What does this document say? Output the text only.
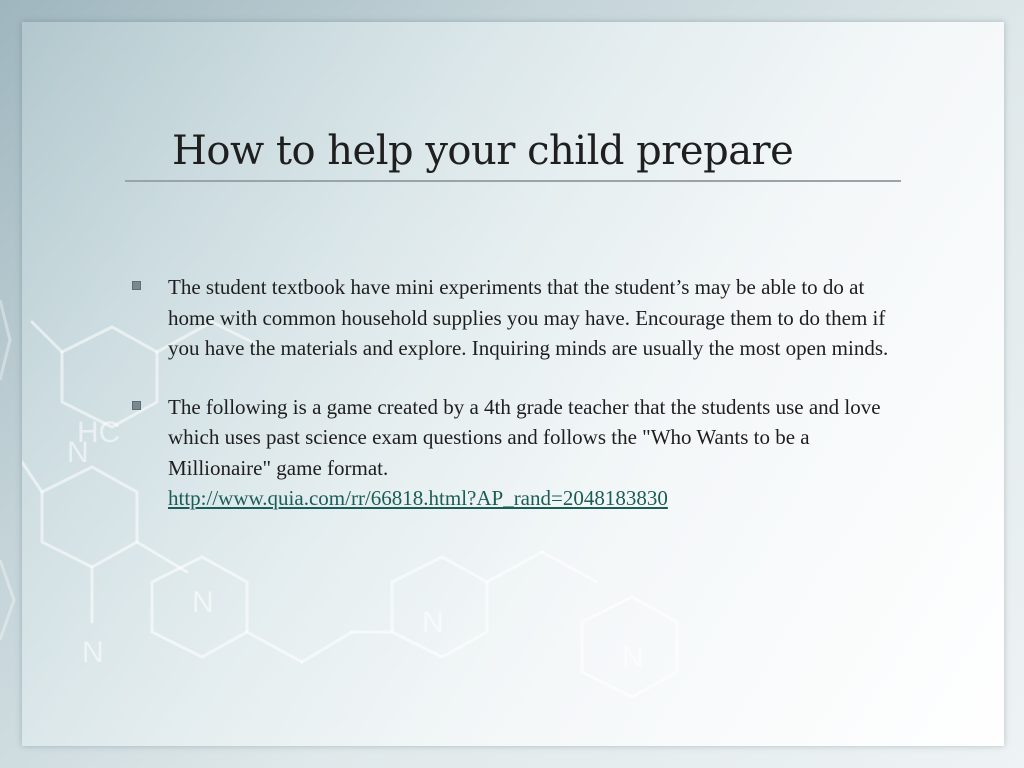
N
HC
N
N
N
N
How to help your child prepare
The student textbook have mini experiments that the student’s may be able to do at home with common household supplies you may have. Encourage them to do them if you have the materials and explore. Inquiring minds are usually the most open minds.
The following is a game created by a 4th grade teacher that the students use and love which uses past science exam questions and follows the "Who Wants to be a Millionaire" game format.
http://www.quia.com/rr/66818.html?AP_rand=2048183830
